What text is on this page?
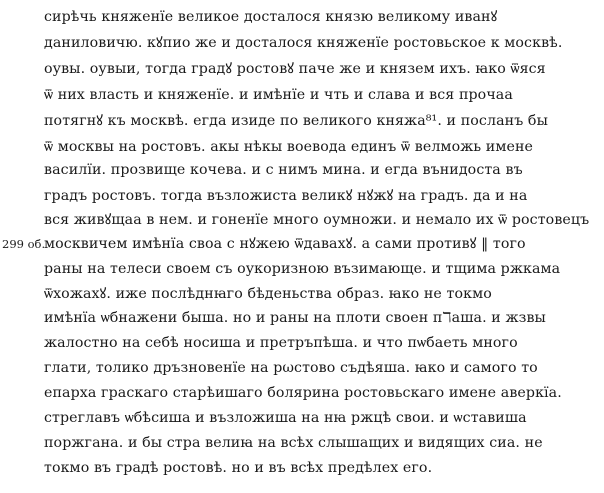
299 об.
сирѣчь княженїе великое досталося князю великому иванꙋ
даниловичю. кꙋпио же и досталося княженїе ростовьское к москвѣ.
оувы. оувыи, тогда градꙋ ростовꙋ паче же и князем ихъ. ꙗко ѿяся
ѿ них власть и княженїе. и имѣнїе и чть и слава и вся прочаа
потягнꙋ къ москвѣ. егда изиде по великого княжа⁸¹. и посланъ бы
ѿ москвы на ростовъ. акы нѣкы воевода единъ ѿ велможь имене
василїи. прозвище кочева. и с нимъ мина. и егда вънидоста въ
градъ ростовъ. тогда възложиста великꙋ нꙋжꙋ на градъ. да и на
вся живꙋщаа в нем. и гоненїе много оумножи. и немало их ѿ ростовецъ
москвичем имѣнїа своа с нꙋжею ѿдавахꙋ. а сами противꙋ ‖ того
раны на телеси своем съ оукоризною възимающе. и тщима ржкама
ѿхожахꙋ. иже послѣднꙗго бѣденьства образ. ꙗко не токмо
имѣнїа ѡбнажени быша. но и раны на плоти своен пℸаша. и жзвы
жалостно на себѣ носиша и претръпѣша. и что пѡбаеть много
глати, толико дръзновенїе на рωстово съдѣяша. ꙗко и самого то
епарха граскаго старѣишаго болярина ростовьскаго имене аверкїа.
стреглавъ ѡбѣсиша и възложиша на нꙗ ржцѣ свои. и ѡставиша
поржгана. и бы стра велиꙗ на всѣх слышащих и видящих сиа. не
токмо въ градѣ ростовѣ. но и въ всѣх предѣлех его.
